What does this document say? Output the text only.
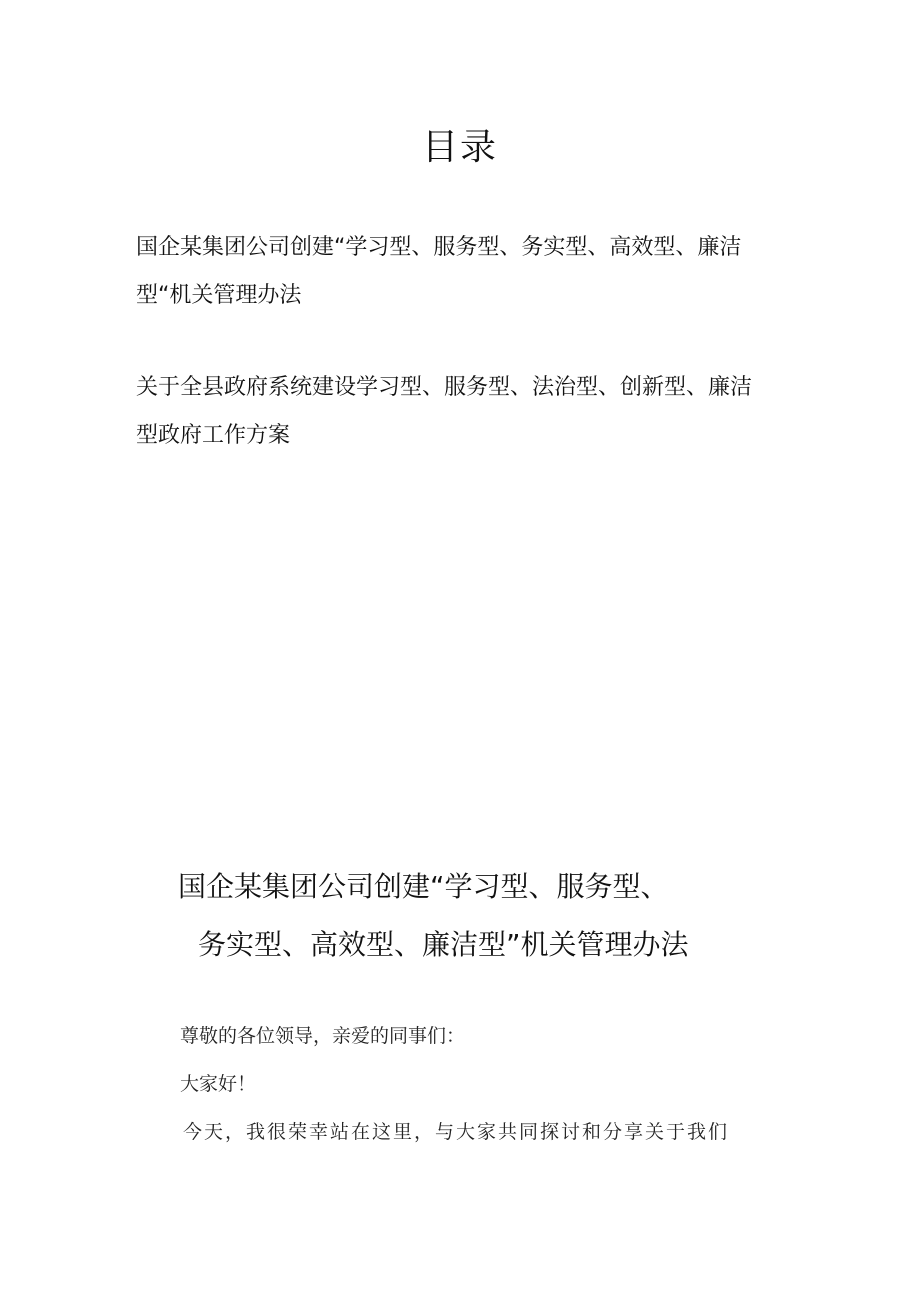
目录
国企某集团公司创建“学习型、服务型、务实型、高效型、廉洁
型“机关管理办法
关于全县政府系统建设学习型、服务型、法治型、创新型、廉洁
型政府工作方案
国企某集团公司创建“学习型、服务型、
务实型、高效型、廉洁型”机关管理办法

尊敬的各位领导，亲爱的同事们：

大家好！

今天，我很荣幸站在这里，与大家共同探讨和分享关于我们
